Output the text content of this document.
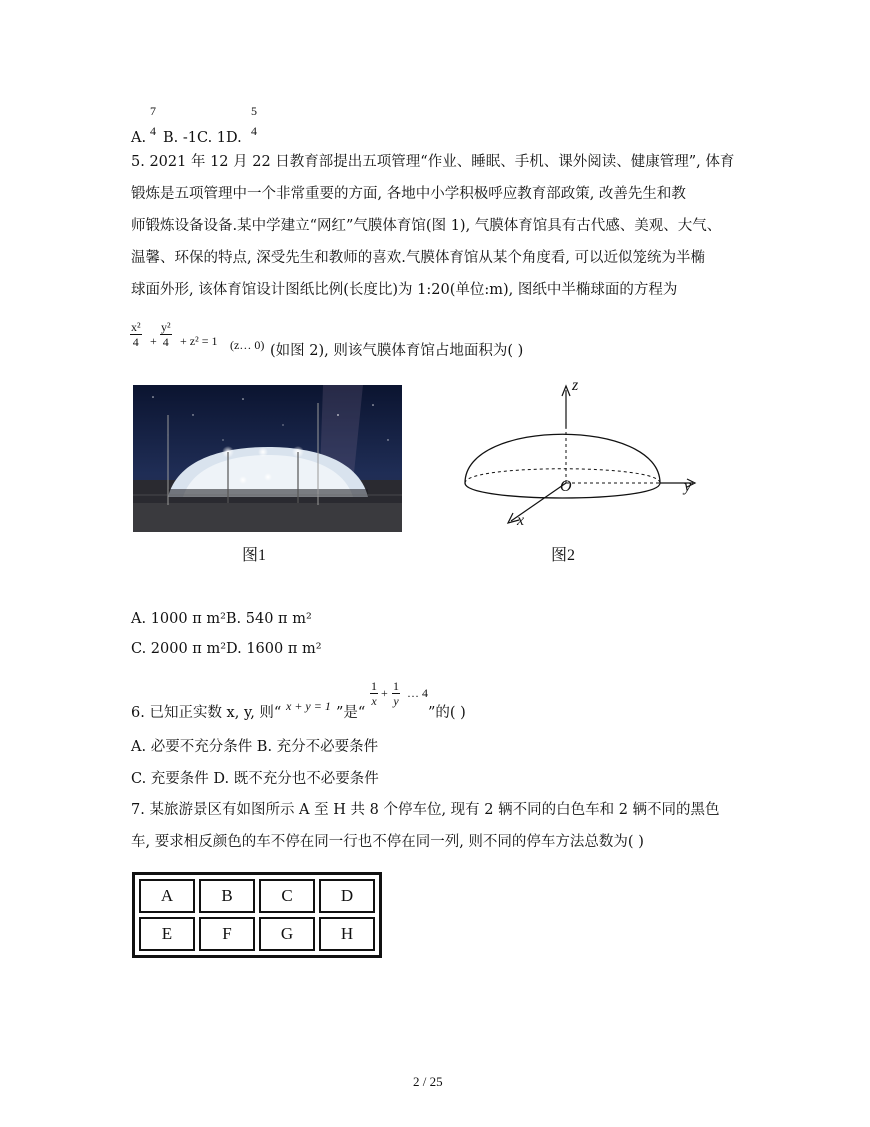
A.
7
4 B. -1C. 1D.
5
4
5. 2021 年 12 月 22 日教育部提出五项管理“作业、睡眠、手机、课外阅读、健康管理”, 体育
锻炼是五项管理中一个非常重要的方面, 各地中小学积极呼应教育部政策, 改善先生和教
师锻炼设备设备.某中学建立“网红”气膜体育馆(图 1), 气膜体育馆具有古代感、美观、大气、
温馨、环保的特点, 深受先生和教师的喜欢.气膜体育馆从某个角度看, 可以近似笼统为半椭
球面外形, 该体育馆设计图纸比例(长度比)为 1:20(单位:m), 图纸中半椭球面的方程为
$\frac{\text{x²}}{4} + \frac{\text{y²}}{4} + z^2 = 1$ (z… 0) (如图 2), 则该气膜体育馆占地面积为( )
图1
z
y
x
O
图2
A. 1000 π m²B. 540 π m²
C. 2000 π m²D. 1600 π m²
6. 已知正实数 x, y, 则“ x + y = 1 ”是“
$\frac{1}{x} + \frac{1}{y}$ … 4
”的( )
A. 必要不充分条件 B. 充分不必要条件
C. 充要条件 D. 既不充分也不必要条件
7. 某旅游景区有如图所示 A 至 H 共 8 个停车位, 现有 2 辆不同的白色车和 2 辆不同的黑色
车, 要求相反颜色的车不停在同一行也不停在同一列, 则不同的停车方法总数为( )
A	B	C	D
E	F	G	H
2 / 25
